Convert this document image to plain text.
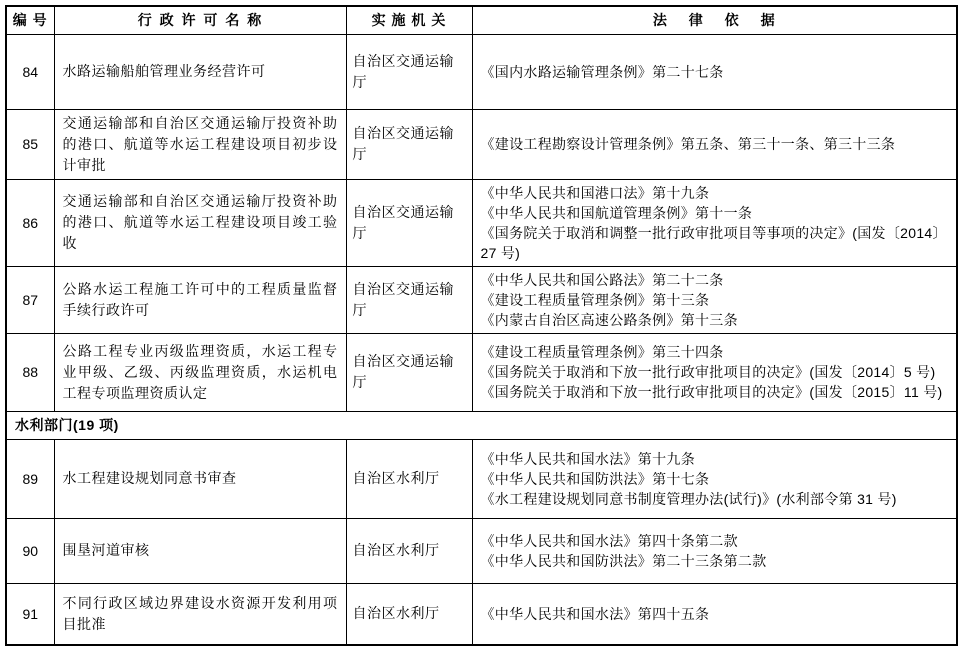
编 号	行 政 许 可 名 称	实 施 机 关	法 律 依 据
84	水路运输船舶管理业务经营许可	自治区交通运输厅	《国内水路运输管理条例》第二十七条

85	交通运输部和自治区交通运输厅投资补助的港口、航道等水运工程建设项目初步设计审批	自治区交通运输厅	《建设工程勘察设计管理条例》第五条、第三十一条、第三十三条

86	交通运输部和自治区交通运输厅投资补助的港口、航道等水运工程建设项目竣工验收	自治区交通运输厅	《中华人民共和国港口法》第十九条
《中华人民共和国航道管理条例》第十一条
《国务院关于取消和调整一批行政审批项目等事项的决定》(国发〔2014〕27 号)

87	公路水运工程施工许可中的工程质量监督手续行政许可	自治区交通运输厅	《中华人民共和国公路法》第二十二条
《建设工程质量管理条例》第十三条
《内蒙古自治区高速公路条例》第十三条

88	公路工程专业丙级监理资质，水运工程专业甲级、乙级、丙级监理资质，水运机电工程专项监理资质认定	自治区交通运输厅	《建设工程质量管理条例》第三十四条
《国务院关于取消和下放一批行政审批项目的决定》(国发〔2014〕5 号)
《国务院关于取消和下放一批行政审批项目的决定》(国发〔2015〕11 号)

水利部门(19 项)			
89	水工程建设规划同意书审查	自治区水利厅	《中华人民共和国水法》第十九条
《中华人民共和国防洪法》第十七条
《水工程建设规划同意书制度管理办法(试行)》(水利部令第 31 号)

90	围垦河道审核	自治区水利厅	《中华人民共和国水法》第四十条第二款
《中华人民共和国防洪法》第二十三条第二款

91	不同行政区域边界建设水资源开发利用项目批准	自治区水利厅	《中华人民共和国水法》第四十五条
